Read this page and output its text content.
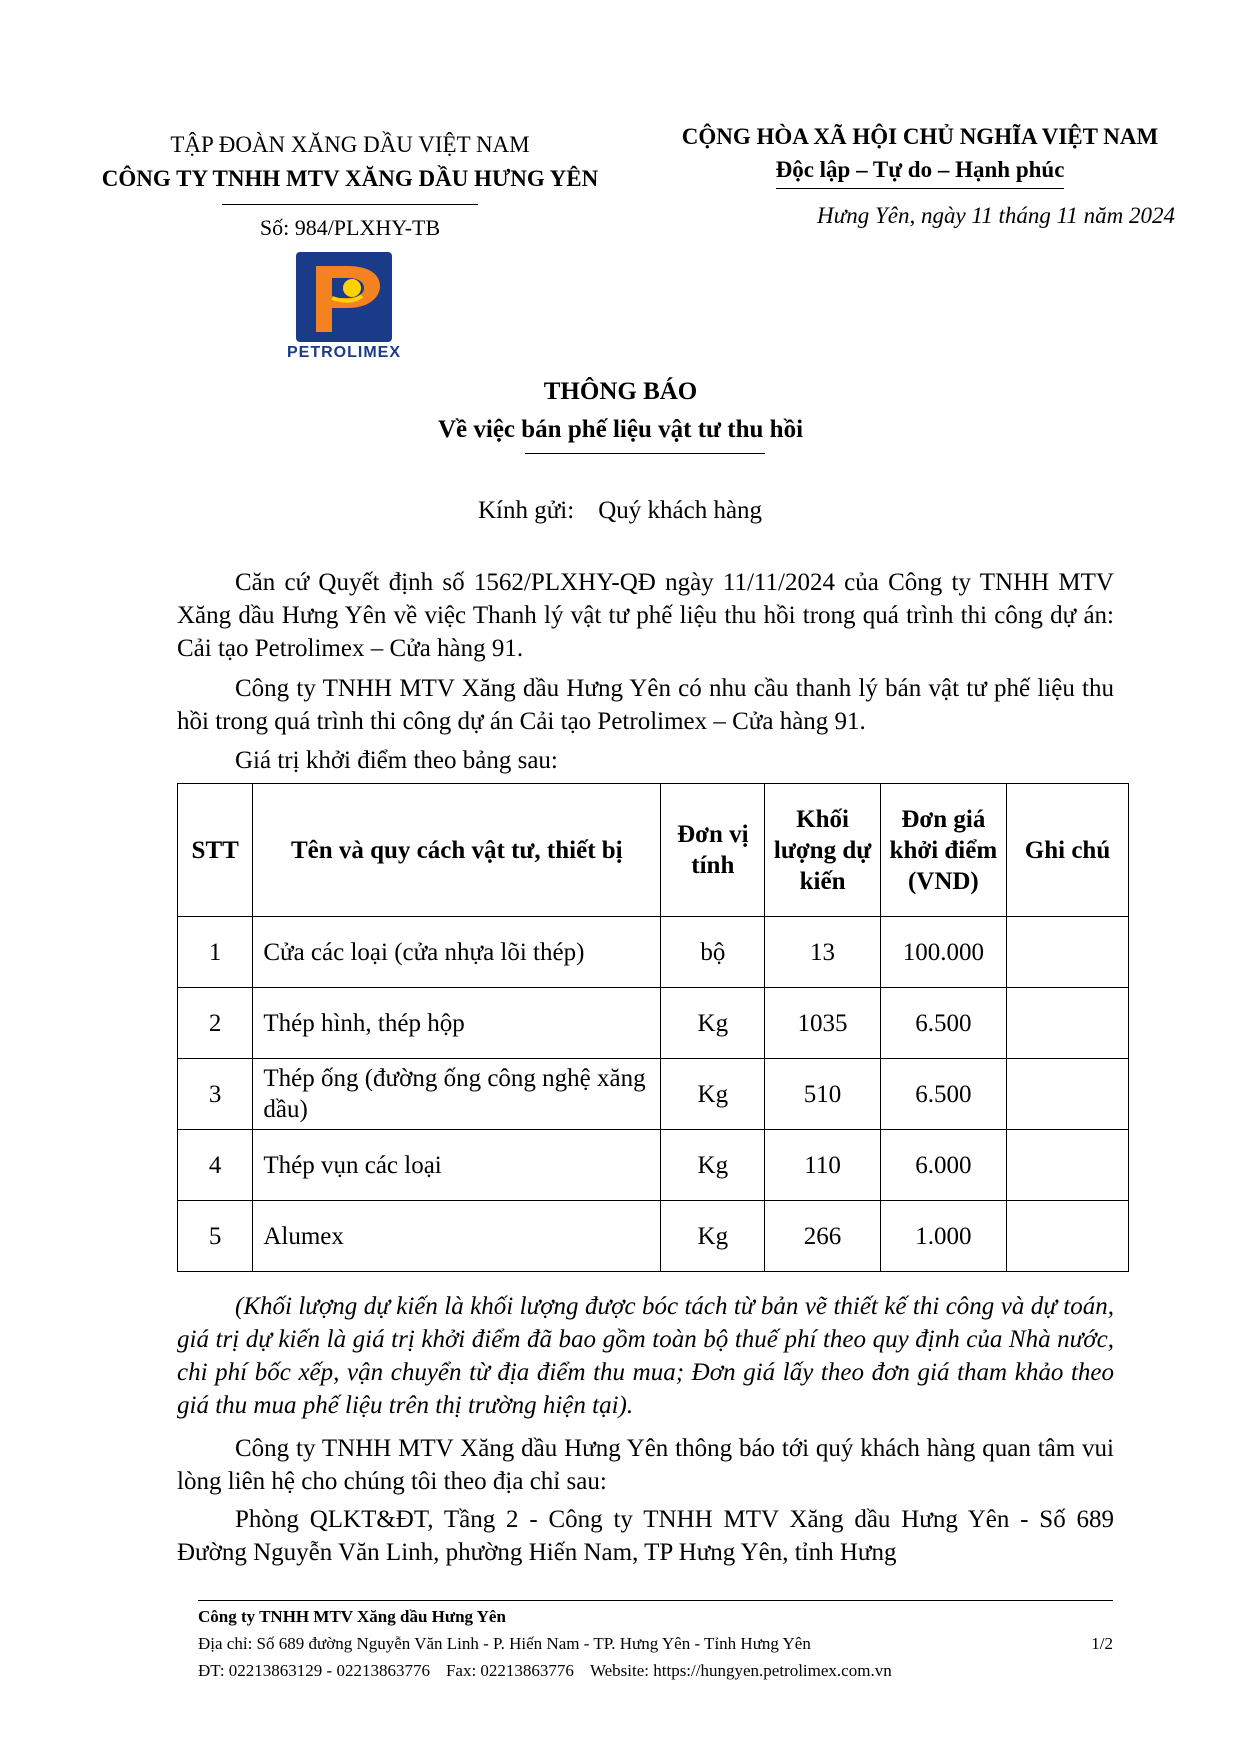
TẬP ĐOÀN XĂNG DẦU VIỆT NAM
CÔNG TY TNHH MTV XĂNG DẦU HƯNG YÊN
Số: 984/PLXHY-TB
CỘNG HÒA XÃ HỘI CHỦ NGHĨA VIỆT NAM
Độc lập – Tự do – Hạnh phúc
Hưng Yên, ngày 11 tháng 11 năm 2024
PETROLIMEX
THÔNG BÁO
Về việc bán phế liệu vật tư thu hồi
Kính gửi: Quý khách hàng
Căn cứ Quyết định số 1562/PLXHY-QĐ ngày 11/11/2024 của Công ty TNHH MTV Xăng dầu Hưng Yên về việc Thanh lý vật tư phế liệu thu hồi trong quá trình thi công dự án: Cải tạo Petrolimex – Cửa hàng 91.
Công ty TNHH MTV Xăng dầu Hưng Yên có nhu cầu thanh lý bán vật tư phế liệu thu hồi trong quá trình thi công dự án Cải tạo Petrolimex – Cửa hàng 91.
Giá trị khởi điểm theo bảng sau:
STT	Tên và quy cách vật tư, thiết bị	Đơn vị tính	Khối lượng dự kiến	Đơn giá khởi điểm (VND)	Ghi chú
1	Cửa các loại (cửa nhựa lõi thép)	bộ	13	100.000	
2	Thép hình, thép hộp	Kg	1035	6.500	
3	Thép ống (đường ống công nghệ xăng dầu)	Kg	510	6.500	
4	Thép vụn các loại	Kg	110	6.000	
5	Alumex	Kg	266	1.000	
(Khối lượng dự kiến là khối lượng được bóc tách từ bản vẽ thiết kế thi công và dự toán, giá trị dự kiến là giá trị khởi điểm đã bao gồm toàn bộ thuế phí theo quy định của Nhà nước, chi phí bốc xếp, vận chuyển từ địa điểm thu mua; Đơn giá lấy theo đơn giá tham khảo theo giá thu mua phế liệu trên thị trường hiện tại).
Công ty TNHH MTV Xăng dầu Hưng Yên thông báo tới quý khách hàng quan tâm vui lòng liên hệ cho chúng tôi theo địa chỉ sau:
Phòng QLKT&ĐT, Tầng 2 - Công ty TNHH MTV Xăng dầu Hưng Yên - Số 689 Đường Nguyễn Văn Linh, phường Hiến Nam, TP Hưng Yên, tỉnh Hưng
Công ty TNHH MTV Xăng dầu Hưng Yên
Địa chỉ: Số 689 đường Nguyễn Văn Linh - P. Hiến Nam - TP. Hưng Yên - Tỉnh Hưng Yên	1/2
ĐT: 02213863129 - 02213863776 Fax: 02213863776 Website: https://hungyen.petrolimex.com.vn
